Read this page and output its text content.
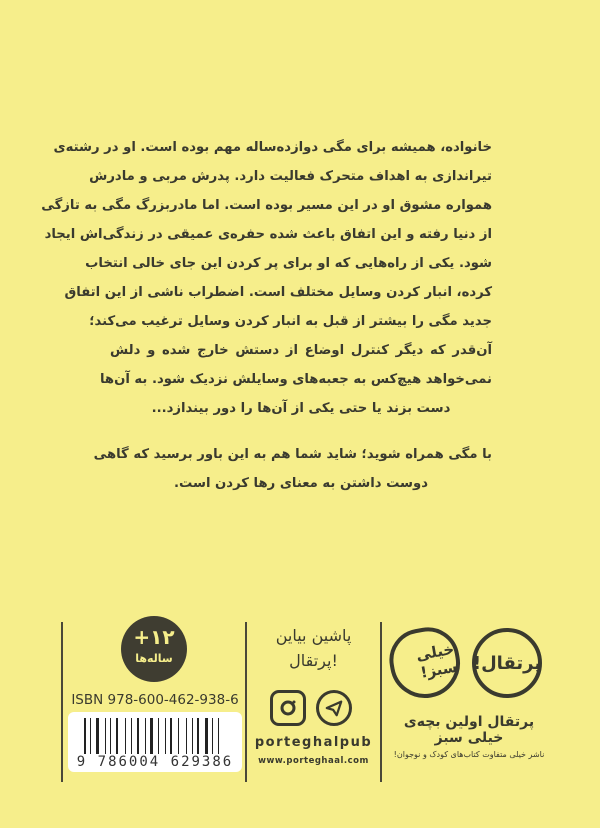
خانواده، همیشه برای مگی دوازده‌ساله مهم بوده است. او در رشته‌ی
تیراندازی به اهداف متحرک فعالیت دارد. پدرش مربی و مادرش
همواره مشوق او در این مسیر بوده است. اما مادربزرگ مگی به تازگی
از دنیا رفته و این اتفاق باعث شده حفره‌ی عمیقی در زندگی‌اش ایجاد
شود. یکی از راه‌هایی که او برای پر کردن این جای خالی انتخاب
کرده، انبار کردن وسایل مختلف است. اضطراب ناشی از این اتفاق
جدید مگی را بیشتر از قبل به انبار کردن وسایل ترغیب می‌کند؛
آن‌قدر که دیگر کنترل اوضاع از دستش خارج شده و دلش
نمی‌خواهد هیچ‌کس به جعبه‌های وسایلش نزدیک شود. به آن‌ها
دست بزند یا حتی یکی از آن‌ها را دور بیندازد...
با مگی همراه شوید؛ شاید شما هم به این باور برسید که گاهی
دوست داشتن به معنای رها کردن است.
+۱۲
ساله‌ها
ISBN 978-600-462-938-6
9 786004 629386
پاشین بیاین
پرتقال!
porteghalpub
www.porteghaal.com
خیلی سبز! پرتقال!
پرتقال اولین بچه‌ی خیلی سبز
ناشر خیلی متفاوت کتاب‌های کودک و نوجوان!
